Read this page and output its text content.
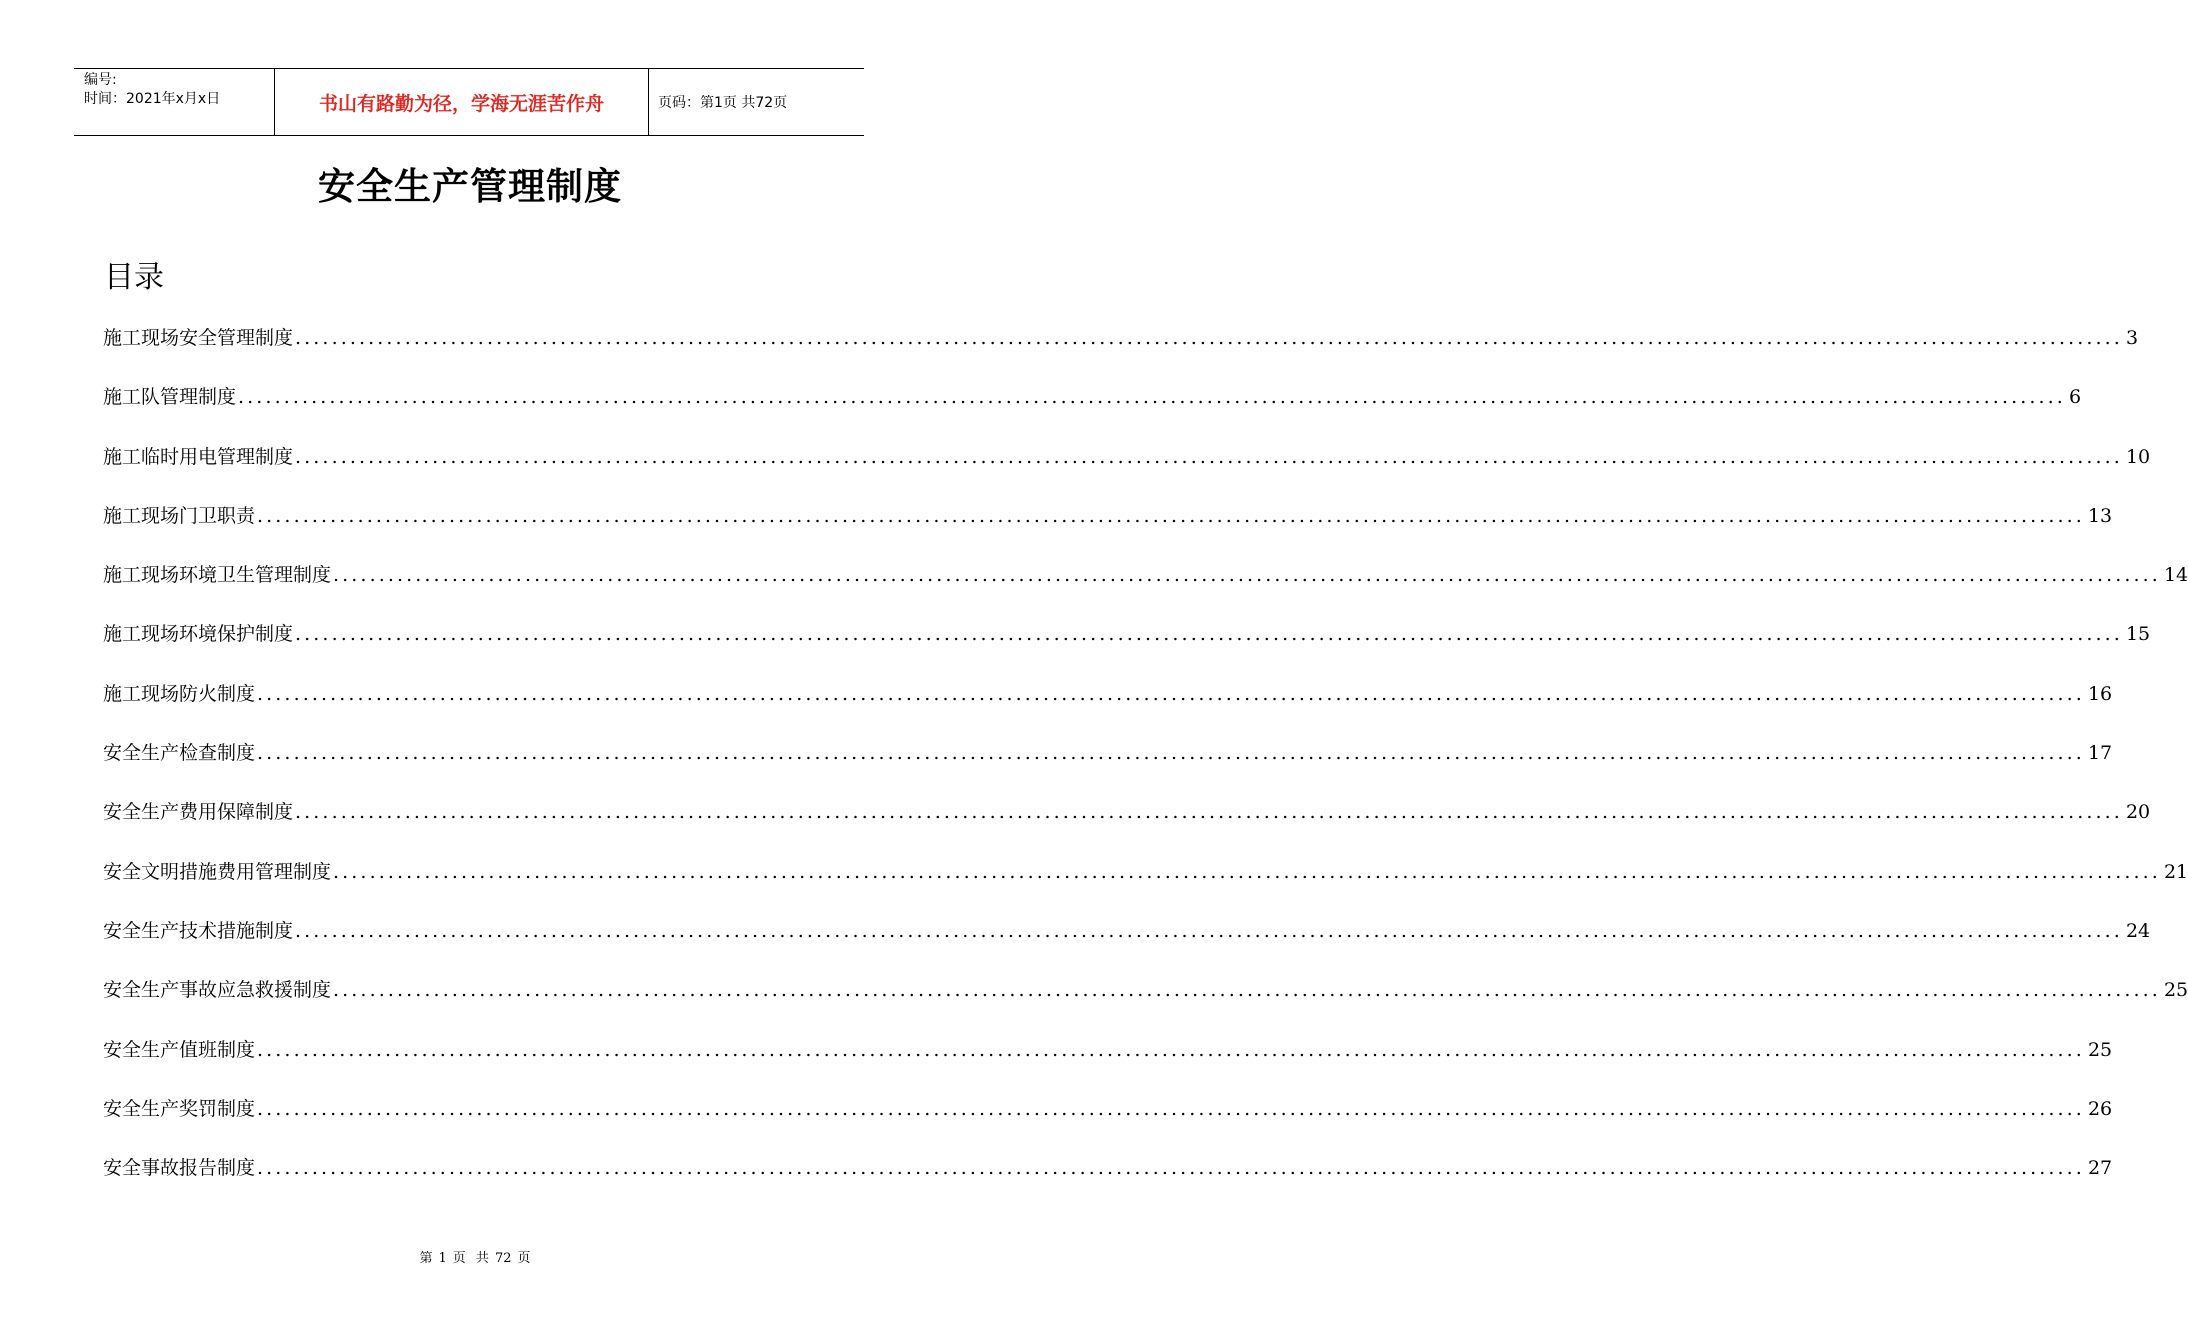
编号:
时间：2021年x月x日	书山有路勤为径，学海无涯苦作舟	页码：第1页 共72页
安全生产管理制度
目录
施工现场安全管理制度 ........................................................................................................................................................................................................ 3
施工队管理制度 ........................................................................................................................................................................................................ 6
施工临时用电管理制度 ........................................................................................................................................................................................................ 10
施工现场门卫职责 ........................................................................................................................................................................................................ 13
施工现场环境卫生管理制度 ........................................................................................................................................................................................................ 14
施工现场环境保护制度 ........................................................................................................................................................................................................ 15
施工现场防火制度 ........................................................................................................................................................................................................ 16
安全生产检查制度 ........................................................................................................................................................................................................ 17
安全生产费用保障制度 ........................................................................................................................................................................................................ 20
安全文明措施费用管理制度 ........................................................................................................................................................................................................ 21
安全生产技术措施制度 ........................................................................................................................................................................................................ 24
安全生产事故应急救援制度 ........................................................................................................................................................................................................ 25
安全生产值班制度 ........................................................................................................................................................................................................ 25
安全生产奖罚制度 ........................................................................................................................................................................................................ 26
安全事故报告制度 ........................................................................................................................................................................................................ 27
第 1 页 共 72 页
